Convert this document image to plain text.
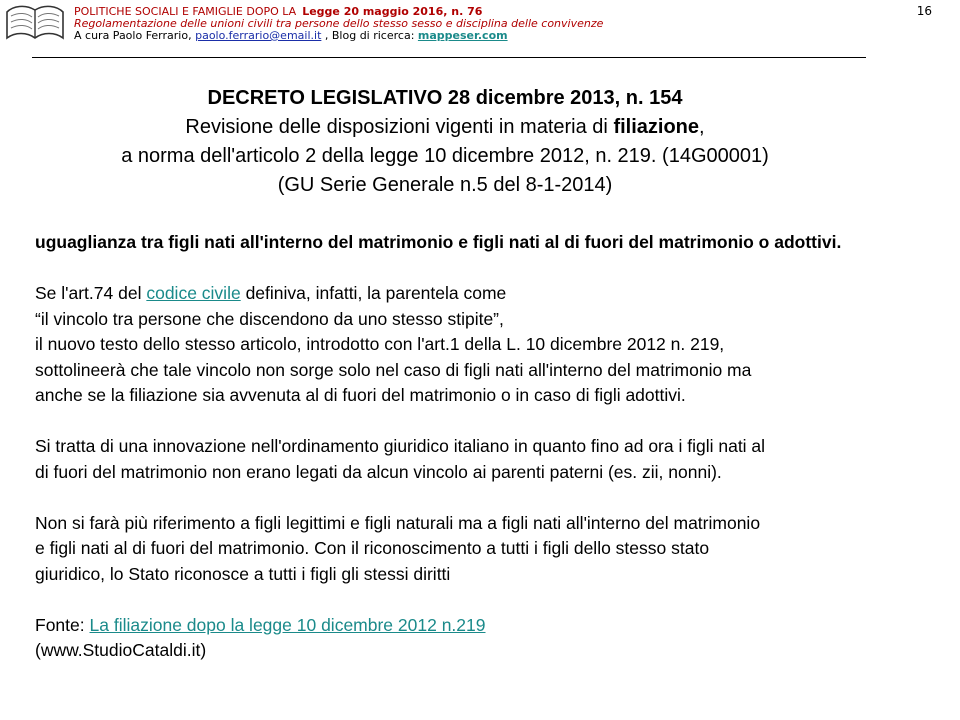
POLITICHE SOCIALI E FAMIGLIE DOPO LA Legge 20 maggio 2016, n. 76
Regolamentazione delle unioni civili tra persone dello stesso sesso e disciplina delle convivenze
A cura Paolo Ferrario, paolo.ferrario@email.it , Blog di ricerca: mappeser.com
16
DECRETO LEGISLATIVO 28 dicembre 2013, n. 154
Revisione delle disposizioni vigenti in materia di filiazione,
a norma dell'articolo 2 della legge 10 dicembre 2012, n. 219. (14G00001)
(GU Serie Generale n.5 del 8-1-2014)

uguaglianza tra figli nati all'interno del matrimonio e figli nati al di fuori del matrimonio o adottivi.

Se l'art.74 del codice civile definiva, infatti, la parentela come

“il vincolo tra persone che discendono da uno stesso stipite”,

il nuovo testo dello stesso articolo, introdotto con l'art.1 della L. 10 dicembre 2012 n. 219,

sottolineerà che tale vincolo non sorge solo nel caso di figli nati all'interno del matrimonio ma

anche se la filiazione sia avvenuta al di fuori del matrimonio o in caso di figli adottivi.

Si tratta di una innovazione nell'ordinamento giuridico italiano in quanto fino ad ora i figli nati al

di fuori del matrimonio non erano legati da alcun vincolo ai parenti paterni (es. zii, nonni).

Non si farà più riferimento a figli legittimi e figli naturali ma a figli nati all'interno del matrimonio

e figli nati al di fuori del matrimonio. Con il riconoscimento a tutti i figli dello stesso stato

giuridico, lo Stato riconosce a tutti i figli gli stessi diritti

Fonte: La filiazione dopo la legge 10 dicembre 2012 n.219

(www.StudioCataldi.it)
